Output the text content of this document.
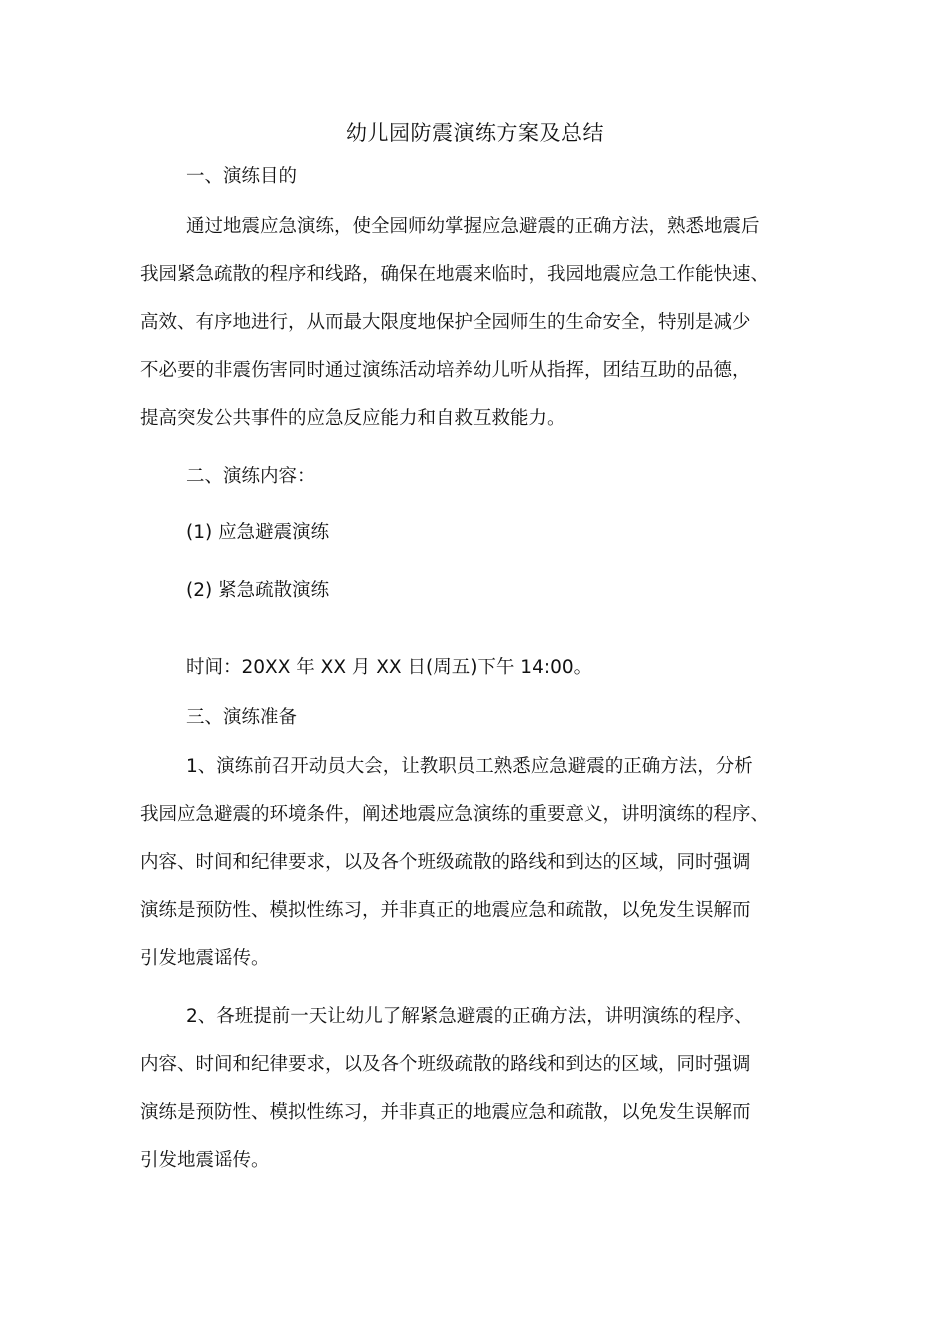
幼儿园防震演练方案及总结
一、演练目的
通过地震应急演练，使全园师幼掌握应急避震的正确方法，熟悉地震后
我园紧急疏散的程序和线路，确保在地震来临时，我园地震应急工作能快速、
高效、有序地进行，从而最大限度地保护全园师生的生命安全，特别是减少
不必要的非震伤害同时通过演练活动培养幼儿听从指挥，团结互助的品德，
提高突发公共事件的应急反应能力和自救互救能力。
二、演练内容：
(1) 应急避震演练
(2) 紧急疏散演练
时间：20XX 年 XX 月 XX 日(周五)下午 14:00。
三、演练准备
1、演练前召开动员大会，让教职员工熟悉应急避震的正确方法，分析
我园应急避震的环境条件，阐述地震应急演练的重要意义，讲明演练的程序、
内容、时间和纪律要求，以及各个班级疏散的路线和到达的区域，同时强调
演练是预防性、模拟性练习，并非真正的地震应急和疏散，以免发生误解而
引发地震谣传。
2、各班提前一天让幼儿了解紧急避震的正确方法，讲明演练的程序、
内容、时间和纪律要求，以及各个班级疏散的路线和到达的区域，同时强调
演练是预防性、模拟性练习，并非真正的地震应急和疏散，以免发生误解而
引发地震谣传。
